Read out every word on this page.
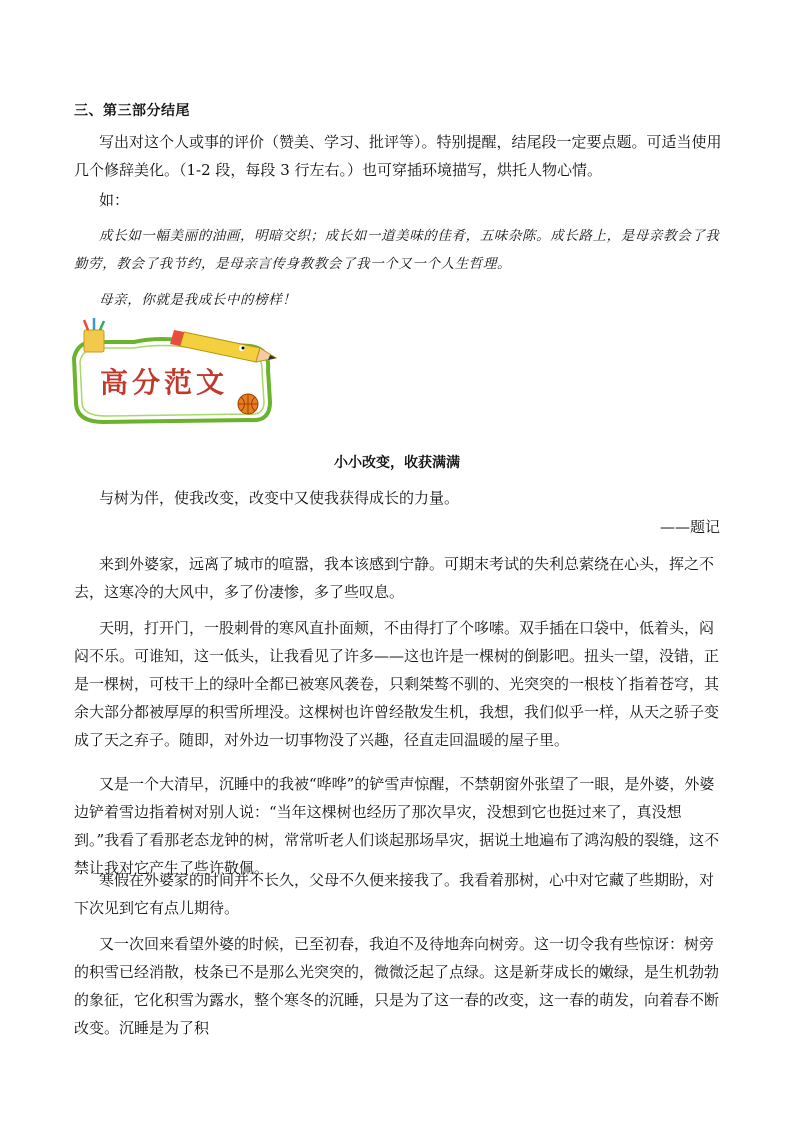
三、第三部分结尾

写出对这个人或事的评价（赞美、学习、批评等）。特别提醒，结尾段一定要点题。可适当使用几个修辞美化。（1-2 段，每段 3 行左右。）也可穿插环境描写，烘托人物心情。

如：

成长如一幅美丽的油画，明暗交织；成长如一道美味的佳肴，五味杂陈。成长路上，是母亲教会了我勤劳，教会了我节约，是母亲言传身教教会了我一个又一个人生哲理。

母亲，你就是我成长中的榜样！

高分范文
小小改变，收获满满

与树为伴，使我改变，改变中又使我获得成长的力量。

——题记

来到外婆家，远离了城市的喧嚣，我本该感到宁静。可期末考试的失利总萦绕在心头，挥之不去，这寒冷的大风中，多了份凄惨，多了些叹息。

天明，打开门，一股刺骨的寒风直扑面颊，不由得打了个哆嗦。双手插在口袋中，低着头，闷闷不乐。可谁知，这一低头，让我看见了许多——这也许是一棵树的倒影吧。扭头一望，没错，正是一棵树，可枝干上的绿叶全都已被寒风袭卷，只剩桀骜不驯的、光突突的一根枝丫指着苍穹，其余大部分都被厚厚的积雪所埋没。这棵树也许曾经散发生机，我想，我们似乎一样，从天之骄子变成了天之弃子。随即，对外边一切事物没了兴趣，径直走回温暖的屋子里。

又是一个大清早，沉睡中的我被“哗哗”的铲雪声惊醒，不禁朝窗外张望了一眼，是外婆，外婆边铲着雪边指着树对别人说：“当年这棵树也经历了那次旱灾，没想到它也挺过来了，真没想到。”我看了看那老态龙钟的树，常常听老人们谈起那场旱灾，据说土地遍布了鸿沟般的裂缝，这不禁让我对它产生了些许敬佩。

寒假在外婆家的时间并不长久，父母不久便来接我了。我看着那树，心中对它藏了些期盼，对下次见到它有点儿期待。

又一次回来看望外婆的时候，已至初春，我迫不及待地奔向树旁。这一切令我有些惊讶：树旁的积雪已经消散，枝条已不是那么光突突的，微微泛起了点绿。这是新芽成长的嫩绿，是生机勃勃的象征，它化积雪为露水，整个寒冬的沉睡，只是为了这一春的改变，这一春的萌发，向着春不断改变。沉睡是为了积
